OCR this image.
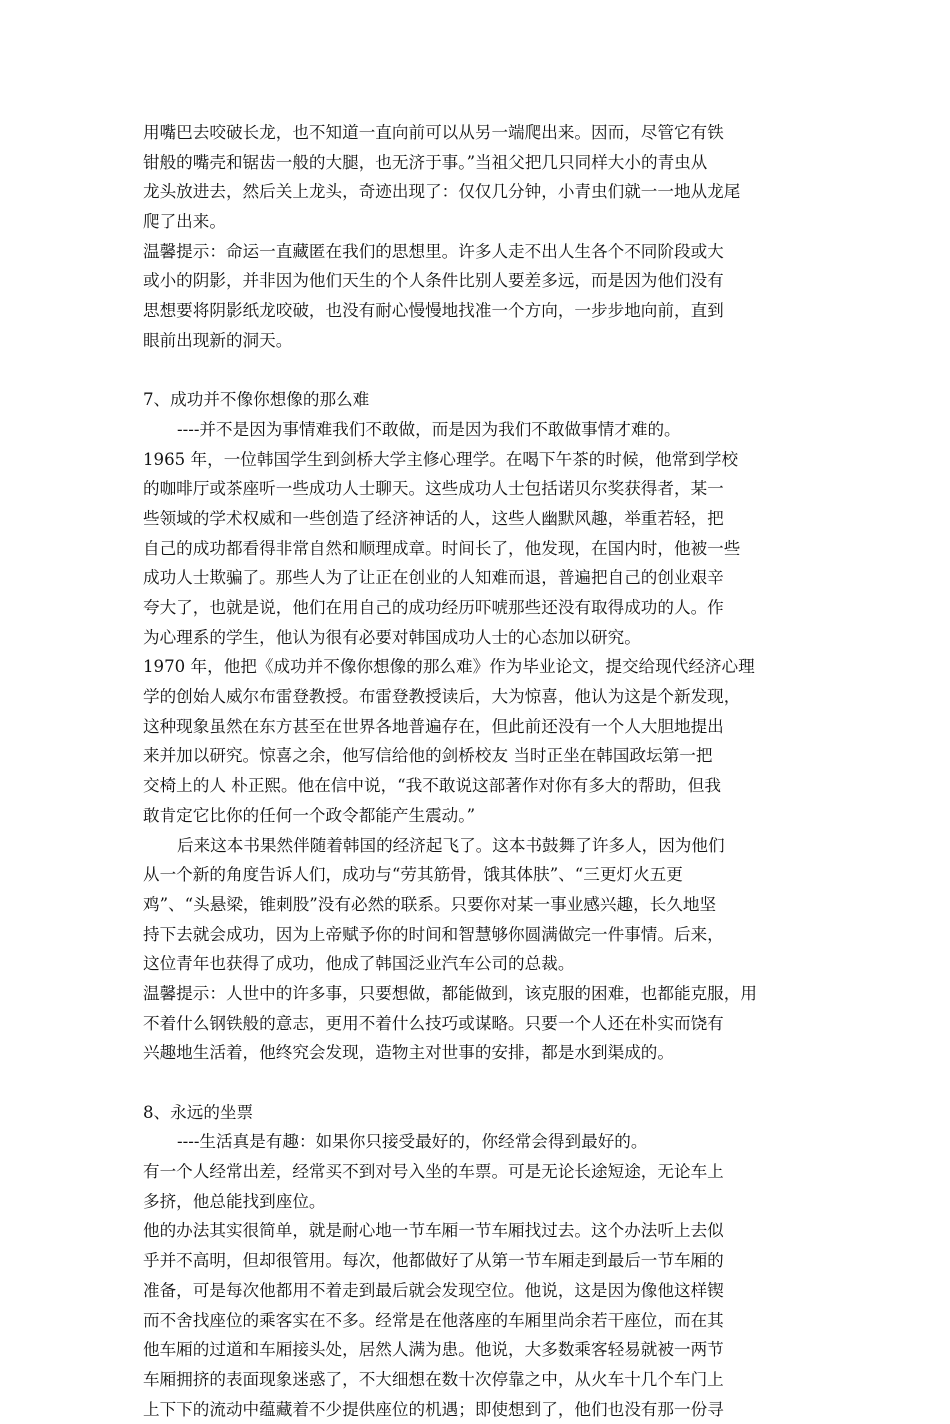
用嘴巴去咬破长龙，也不知道一直向前可以从另一端爬出来。因而，尽管它有铁
钳般的嘴壳和锯齿一般的大腿，也无济于事。”当祖父把几只同样大小的青虫从
龙头放进去，然后关上龙头，奇迹出现了：仅仅几分钟，小青虫们就一一地从龙尾
爬了出来。
温馨提示：命运一直藏匿在我们的思想里。许多人走不出人生各个不同阶段或大
或小的阴影，并非因为他们天生的个人条件比别人要差多远，而是因为他们没有
思想要将阴影纸龙咬破，也没有耐心慢慢地找准一个方向，一步步地向前，直到
眼前出现新的洞天。
7、成功并不像你想像的那么难
----并不是因为事情难我们不敢做，而是因为我们不敢做事情才难的。
1965 年，一位韩国学生到剑桥大学主修心理学。在喝下午茶的时候，他常到学校
的咖啡厅或茶座听一些成功人士聊天。这些成功人士包括诺贝尔奖获得者，某一
些领域的学术权威和一些创造了经济神话的人，这些人幽默风趣，举重若轻，把
自己的成功都看得非常自然和顺理成章。时间长了，他发现，在国内时，他被一些
成功人士欺骗了。那些人为了让正在创业的人知难而退，普遍把自己的创业艰辛
夸大了，也就是说，他们在用自己的成功经历吓唬那些还没有取得成功的人。作
为心理系的学生，他认为很有必要对韩国成功人士的心态加以研究。
1970 年，他把《成功并不像你想像的那么难》作为毕业论文，提交给现代经济心理
学的创始人威尔布雷登教授。布雷登教授读后，大为惊喜，他认为这是个新发现，
这种现象虽然在东方甚至在世界各地普遍存在，但此前还没有一个人大胆地提出
来并加以研究。惊喜之余，他写信给他的剑桥校友 当时正坐在韩国政坛第一把
交椅上的人 朴正熙。他在信中说，“我不敢说这部著作对你有多大的帮助，但我
敢肯定它比你的任何一个政令都能产生震动。”
后来这本书果然伴随着韩国的经济起飞了。这本书鼓舞了许多人，因为他们
从一个新的角度告诉人们，成功与“劳其筋骨，饿其体肤”、“三更灯火五更
鸡”、“头悬梁，锥刺股”没有必然的联系。只要你对某一事业感兴趣，长久地坚
持下去就会成功，因为上帝赋予你的时间和智慧够你圆满做完一件事情。后来，
这位青年也获得了成功，他成了韩国泛业汽车公司的总裁。
温馨提示：人世中的许多事，只要想做，都能做到，该克服的困难，也都能克服，用
不着什么钢铁般的意志，更用不着什么技巧或谋略。只要一个人还在朴实而饶有
兴趣地生活着，他终究会发现，造物主对世事的安排，都是水到渠成的。
8、永远的坐票
----生活真是有趣：如果你只接受最好的，你经常会得到最好的。
有一个人经常出差，经常买不到对号入坐的车票。可是无论长途短途，无论车上
多挤，他总能找到座位。
他的办法其实很简单，就是耐心地一节车厢一节车厢找过去。这个办法听上去似
乎并不高明，但却很管用。每次，他都做好了从第一节车厢走到最后一节车厢的
准备，可是每次他都用不着走到最后就会发现空位。他说，这是因为像他这样锲
而不舍找座位的乘客实在不多。经常是在他落座的车厢里尚余若干座位，而在其
他车厢的过道和车厢接头处，居然人满为患。他说，大多数乘客轻易就被一两节
车厢拥挤的表面现象迷惑了，不大细想在数十次停靠之中，从火车十几个车门上
上下下的流动中蕴藏着不少提供座位的机遇；即使想到了，他们也没有那一份寻
